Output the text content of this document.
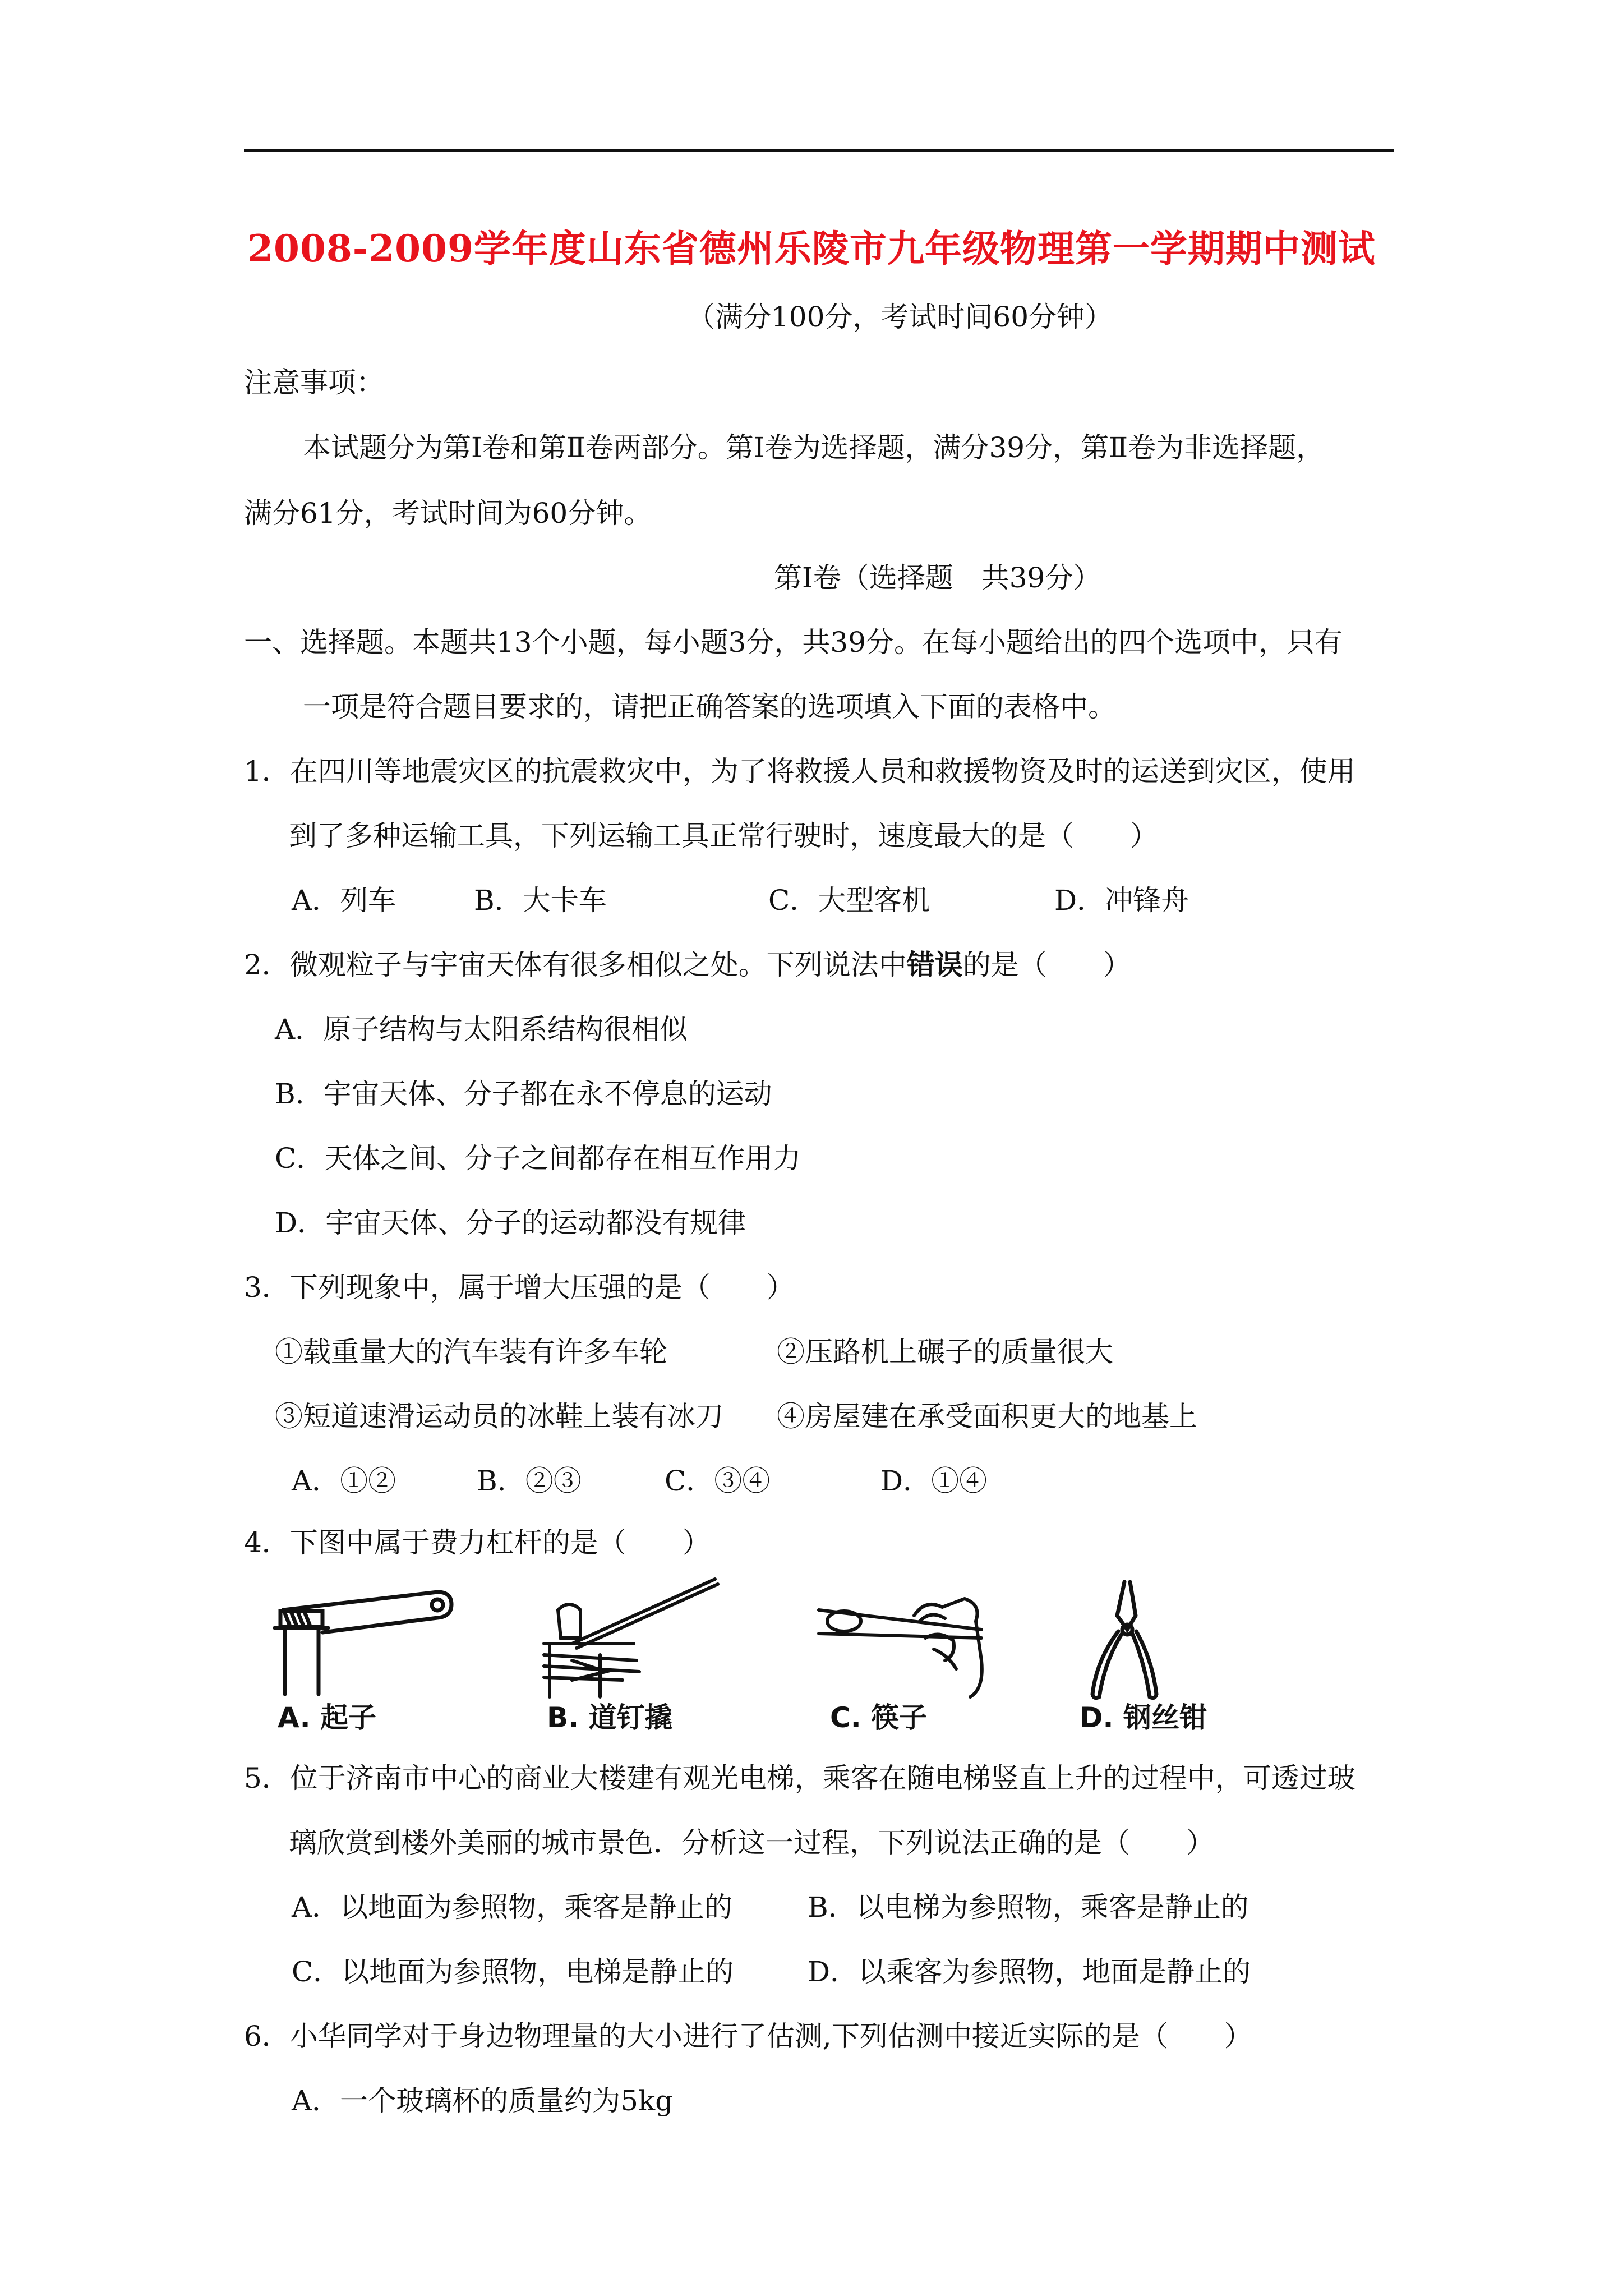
2008-2009学年度山东省德州乐陵市九年级物理第一学期期中测试
（满分100分，考试时间60分钟）
注意事项：
本试题分为第Ⅰ卷和第Ⅱ卷两部分。第Ⅰ卷为选择题，满分39分，第Ⅱ卷为非选择题，
满分61分，考试时间为60分钟。
第Ⅰ卷（选择题　共39分）
一、选择题。本题共13个小题，每小题3分，共39分。在每小题给出的四个选项中，只有
一项是符合题目要求的，请把正确答案的选项填入下面的表格中。
1．在四川等地震灾区的抗震救灾中，为了将救援人员和救援物资及时的运送到灾区，使用
到了多种运输工具，下列运输工具正常行驶时，速度最大的是（　　）
A．列车	B．大卡车	C．大型客机	D．冲锋舟
2．微观粒子与宇宙天体有很多相似之处。下列说法中错误的是（　　）
A．原子结构与太阳系结构很相似
B．宇宙天体、分子都在永不停息的运动
C．天体之间、分子之间都存在相互作用力
D．宇宙天体、分子的运动都没有规律
3．下列现象中，属于增大压强的是（　　）
①载重量大的汽车装有许多车轮	②压路机上碾子的质量很大
③短道速滑运动员的冰鞋上装有冰刀 ④房屋建在承受面积更大的地基上
A．①②	B．②③	C．③④	D．①④
4．下图中属于费力杠杆的是（　　）
A. 起子	B. 道钉撬	C. 筷子	D. 钢丝钳
5．位于济南市中心的商业大楼建有观光电梯，乘客在随电梯竖直上升的过程中，可透过玻
璃欣赏到楼外美丽的城市景色．分析这一过程，下列说法正确的是（　　）
A．以地面为参照物，乘客是静止的	B．以电梯为参照物，乘客是静止的
C．以地面为参照物，电梯是静止的	D．以乘客为参照物，地面是静止的
6．小华同学对于身边物理量的大小进行了估测,下列估测中接近实际的是（　　）
A．一个玻璃杯的质量约为5kg
